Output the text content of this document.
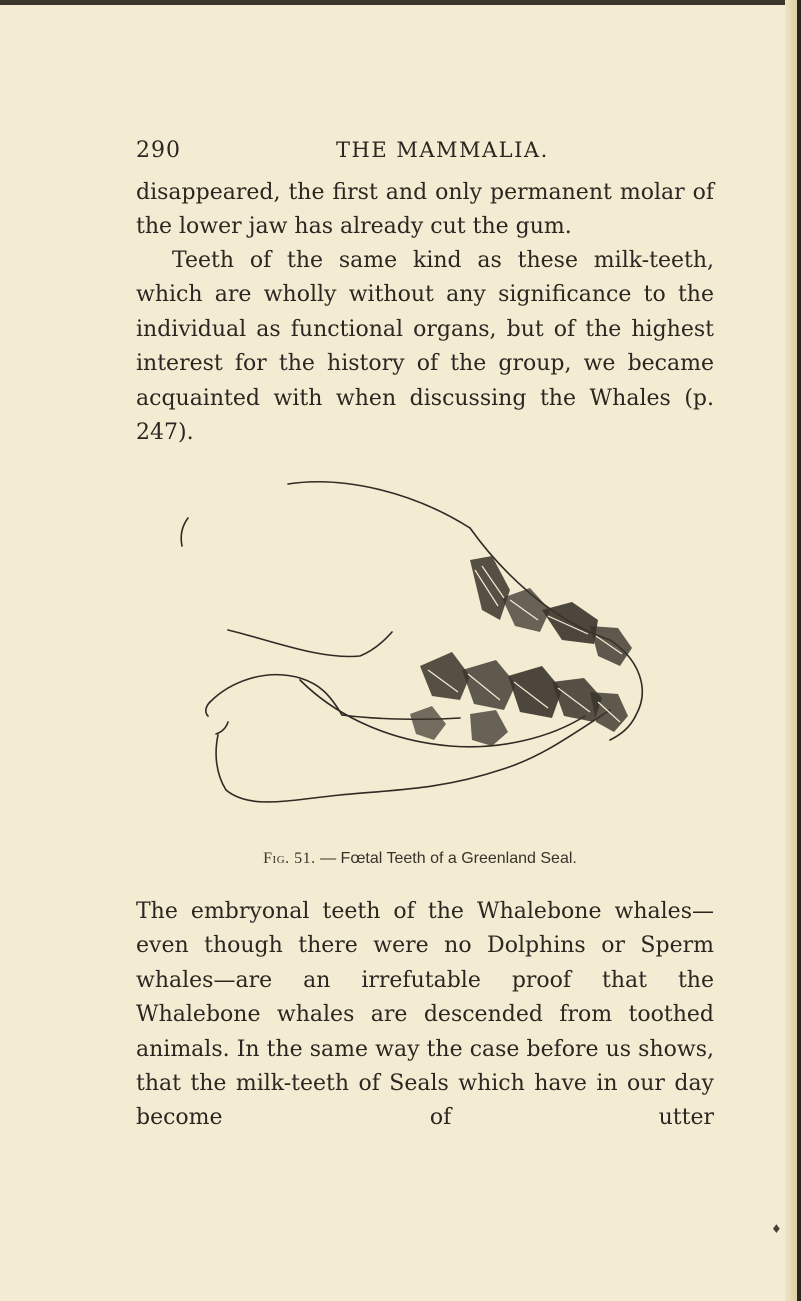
290	THE MAMMALIA.

disappeared, the first and only permanent molar of the lower jaw has already cut the gum.

Teeth of the same kind as these milk-teeth, which are wholly without any significance to the individual as functional organs, but of the highest interest for the history of the group, we became acquainted with when discussing the Whales (p. 247).

Fig. 51. — Fœtal Teeth of a Greenland Seal.

The embryonal teeth of the Whalebone whales—even though there were no Dolphins or Sperm whales—are an irrefutable proof that the Whalebone whales are descended from toothed animals. In the same way the case before us shows, that the milk-teeth of Seals which have in our day become of utter

♦
